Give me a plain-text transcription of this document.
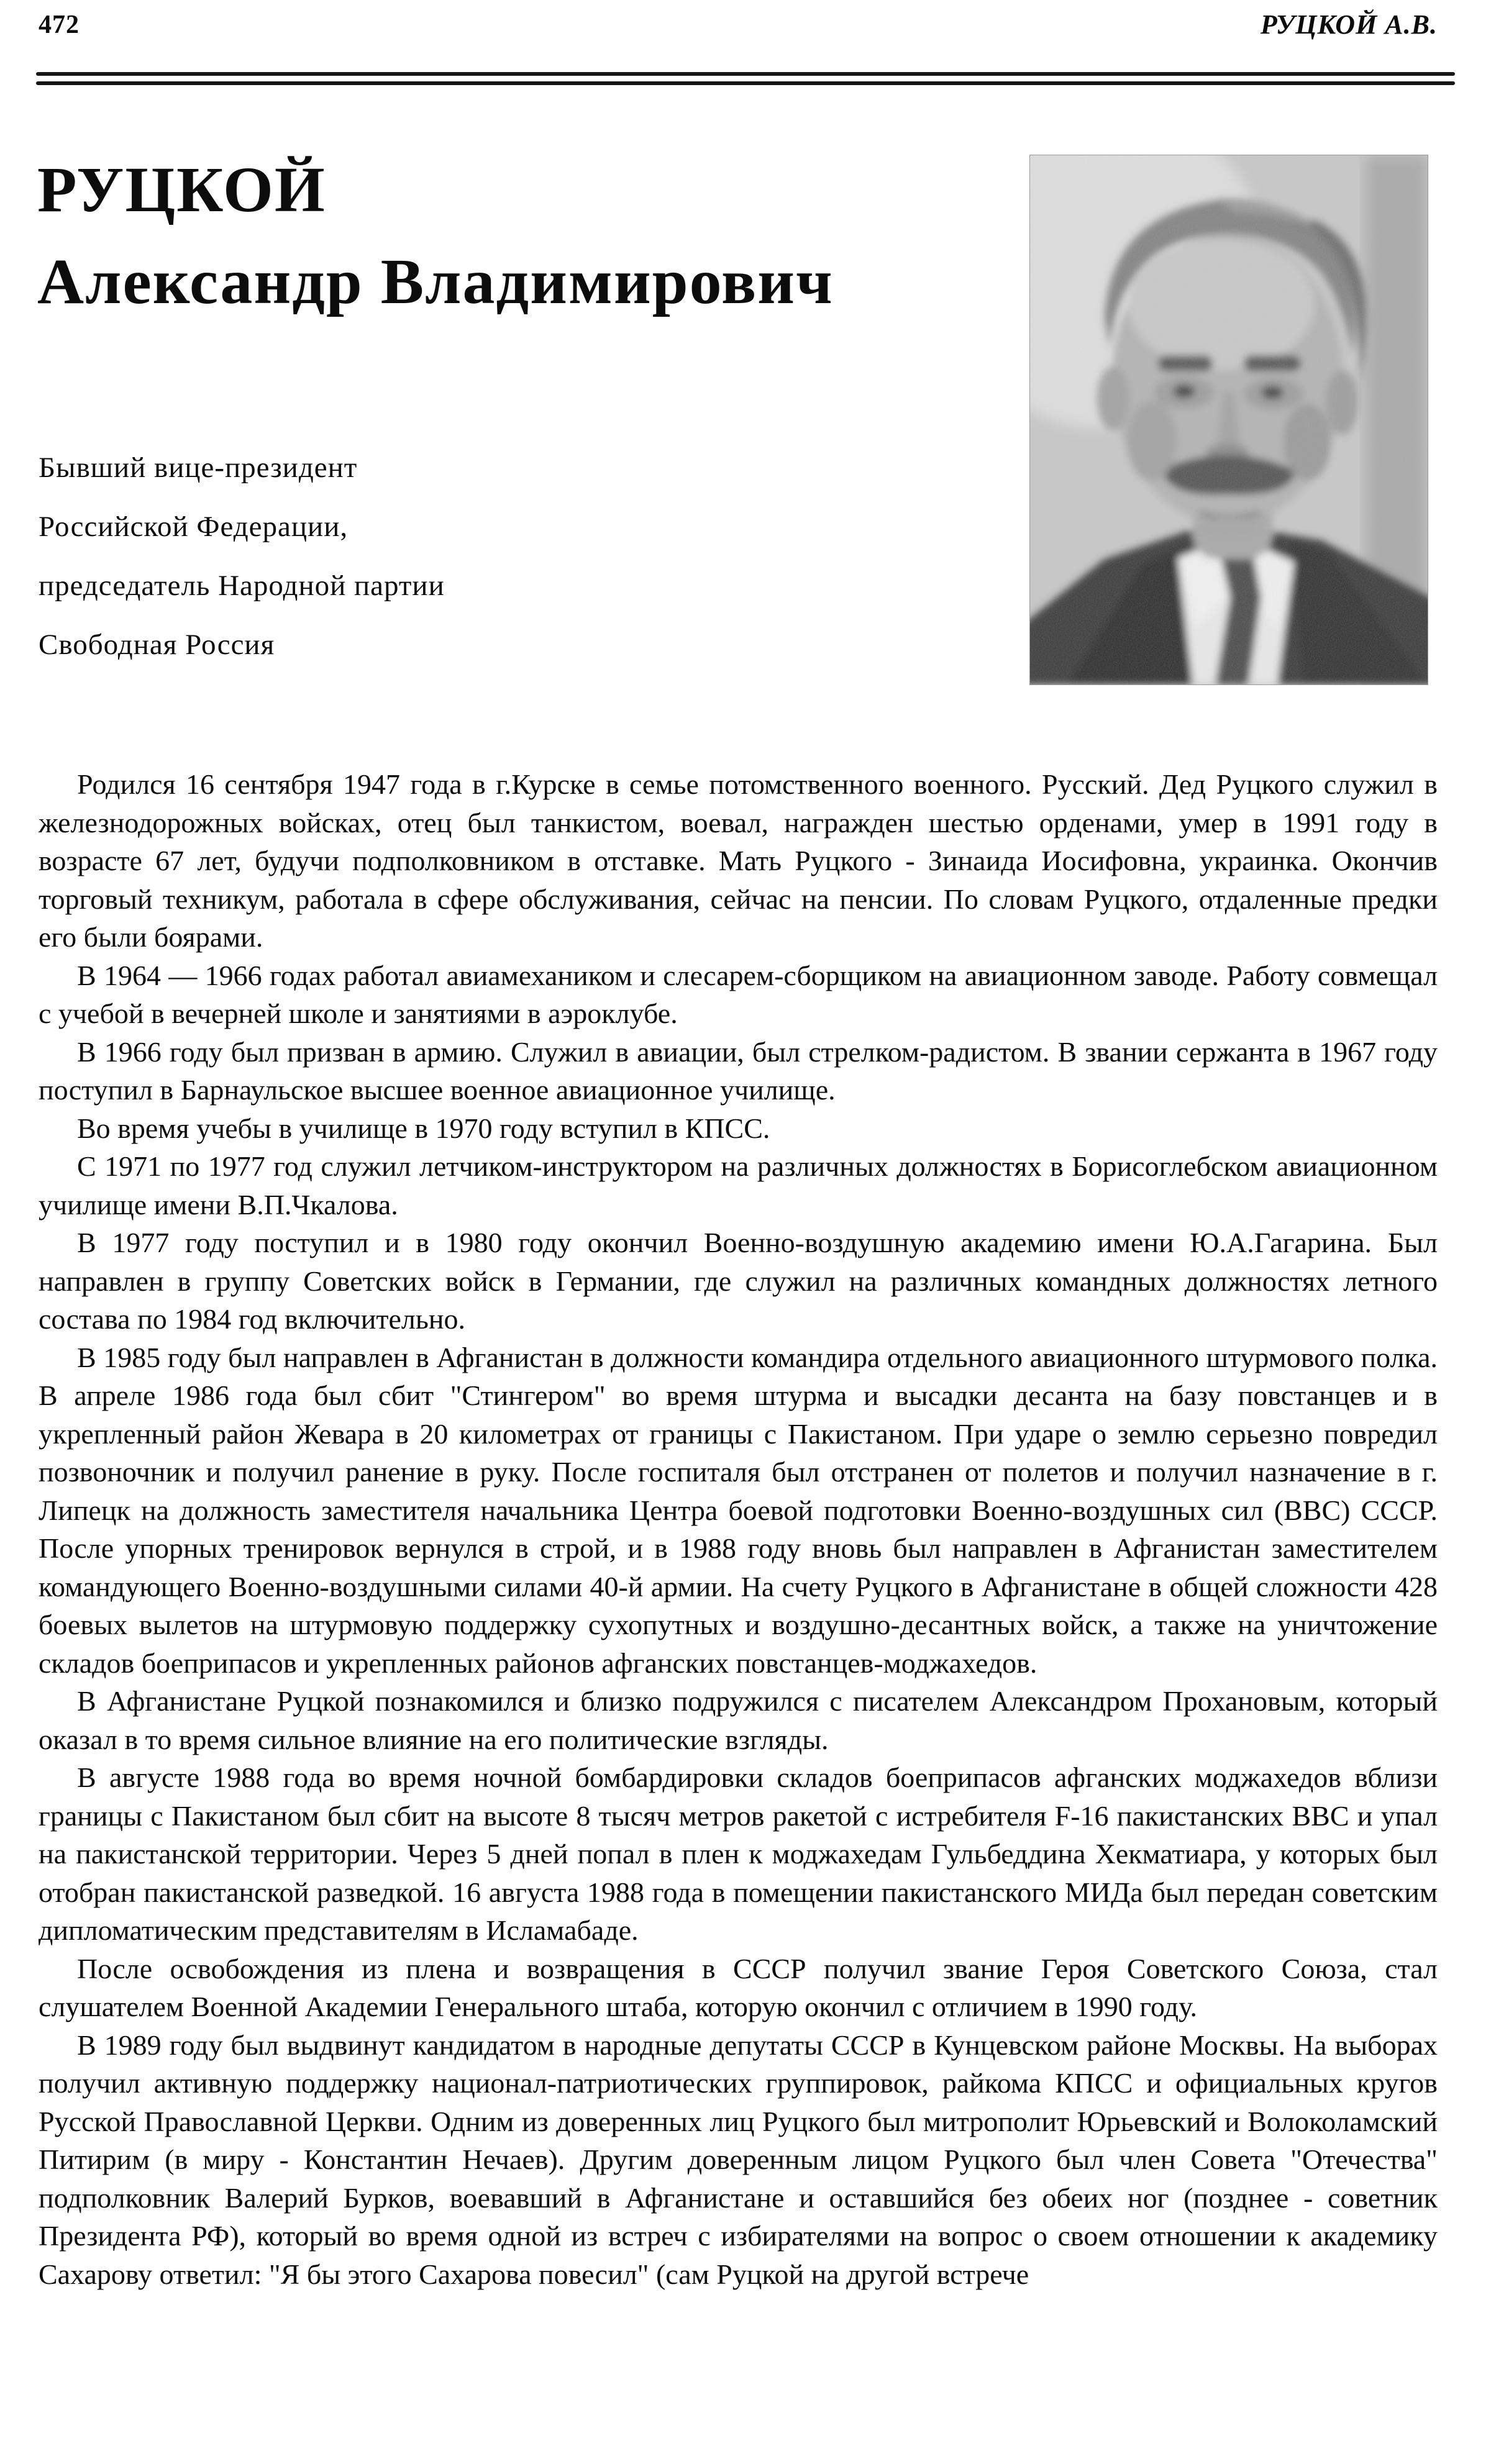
472	РУЦКОЙ А.В.
РУЦКОЙ
Александр Владимирович
Бывший вице-президент
Российской Федерации,
председатель Народной партии
Свободная Россия

Родился 16 сентября 1947 года в г.Курске в семье потомственного военного. Русский. Дед Руцкого служил в железнодорожных войсках, отец был танкистом, воевал, награжден шестью орденами, умер в 1991 году в возрасте 67 лет, будучи подполковником в отставке. Мать Руцкого - Зинаида Иосифовна, украинка. Окончив торговый техникум, работала в сфере обслуживания, сейчас на пенсии. По словам Руцкого, отдаленные предки его были боярами.

В 1964 — 1966 годах работал авиамехаником и слесарем-сборщиком на авиационном заводе. Работу совмещал с учебой в вечерней школе и занятиями в аэроклубе.

В 1966 году был призван в армию. Служил в авиации, был стрелком-радистом. В звании сержанта в 1967 году поступил в Барнаульское высшее военное авиационное училище.

Во время учебы в училище в 1970 году вступил в КПСС.

С 1971 по 1977 год служил летчиком-инструктором на различных должностях в Борисоглебском авиационном училище имени В.П.Чкалова.

В 1977 году поступил и в 1980 году окончил Военно-воздушную академию имени Ю.А.Гагарина. Был направлен в группу Советских войск в Германии, где служил на различных командных должностях летного состава по 1984 год включительно.

В 1985 году был направлен в Афганистан в должности командира отдельного авиационного штурмового полка. В апреле 1986 года был сбит "Стингером" во время штурма и высадки десанта на базу повстанцев и в укрепленный район Жевара в 20 километрах от границы с Пакистаном. При ударе о землю серьезно повредил позвоночник и получил ранение в руку. После госпиталя был отстранен от полетов и получил назначение в г. Липецк на должность заместителя начальника Центра боевой подготовки Военно-воздушных сил (ВВС) СССР. После упорных тренировок вернулся в строй, и в 1988 году вновь был направлен в Афганистан заместителем командующего Военно-воздушными силами 40-й армии. На счету Руцкого в Афганистане в общей сложности 428 боевых вылетов на штурмовую поддержку сухопутных и воздушно-десантных войск, а также на уничтожение складов боеприпасов и укрепленных районов афганских повстанцев-моджахедов.

В Афганистане Руцкой познакомился и близко подружился с писателем Александром Прохановым, который оказал в то время сильное влияние на его политические взгляды.

В августе 1988 года во время ночной бомбардировки складов боеприпасов афганских моджахедов вблизи границы с Пакистаном был сбит на высоте 8 тысяч метров ракетой с истребителя F-16 пакистанских ВВС и упал на пакистанской территории. Через 5 дней попал в плен к моджахедам Гульбеддина Хекматиара, у которых был отобран пакистанской разведкой. 16 августа 1988 года в помещении пакистанского МИДа был передан советским дипломатическим представителям в Исламабаде.

После освобождения из плена и возвращения в СССР получил звание Героя Советского Союза, стал слушателем Военной Академии Генерального штаба, которую окончил с отличием в 1990 году.

В 1989 году был выдвинут кандидатом в народные депутаты СССР в Кунцевском районе Москвы. На выборах получил активную поддержку национал-патриотических группировок, райкома КПСС и официальных кругов Русской Православной Церкви. Одним из доверенных лиц Руцкого был митрополит Юрьевский и Волоколамский Питирим (в миру - Константин Нечаев). Другим доверенным лицом Руцкого был член Совета "Отечества" подполковник Валерий Бурков, воевавший в Афганистане и оставшийся без обеих ног (позднее - советник Президента РФ), который во время одной из встреч с избирателями на вопрос о своем отношении к академику Сахарову ответил: "Я бы этого Сахарова повесил" (сам Руцкой на другой встрече
